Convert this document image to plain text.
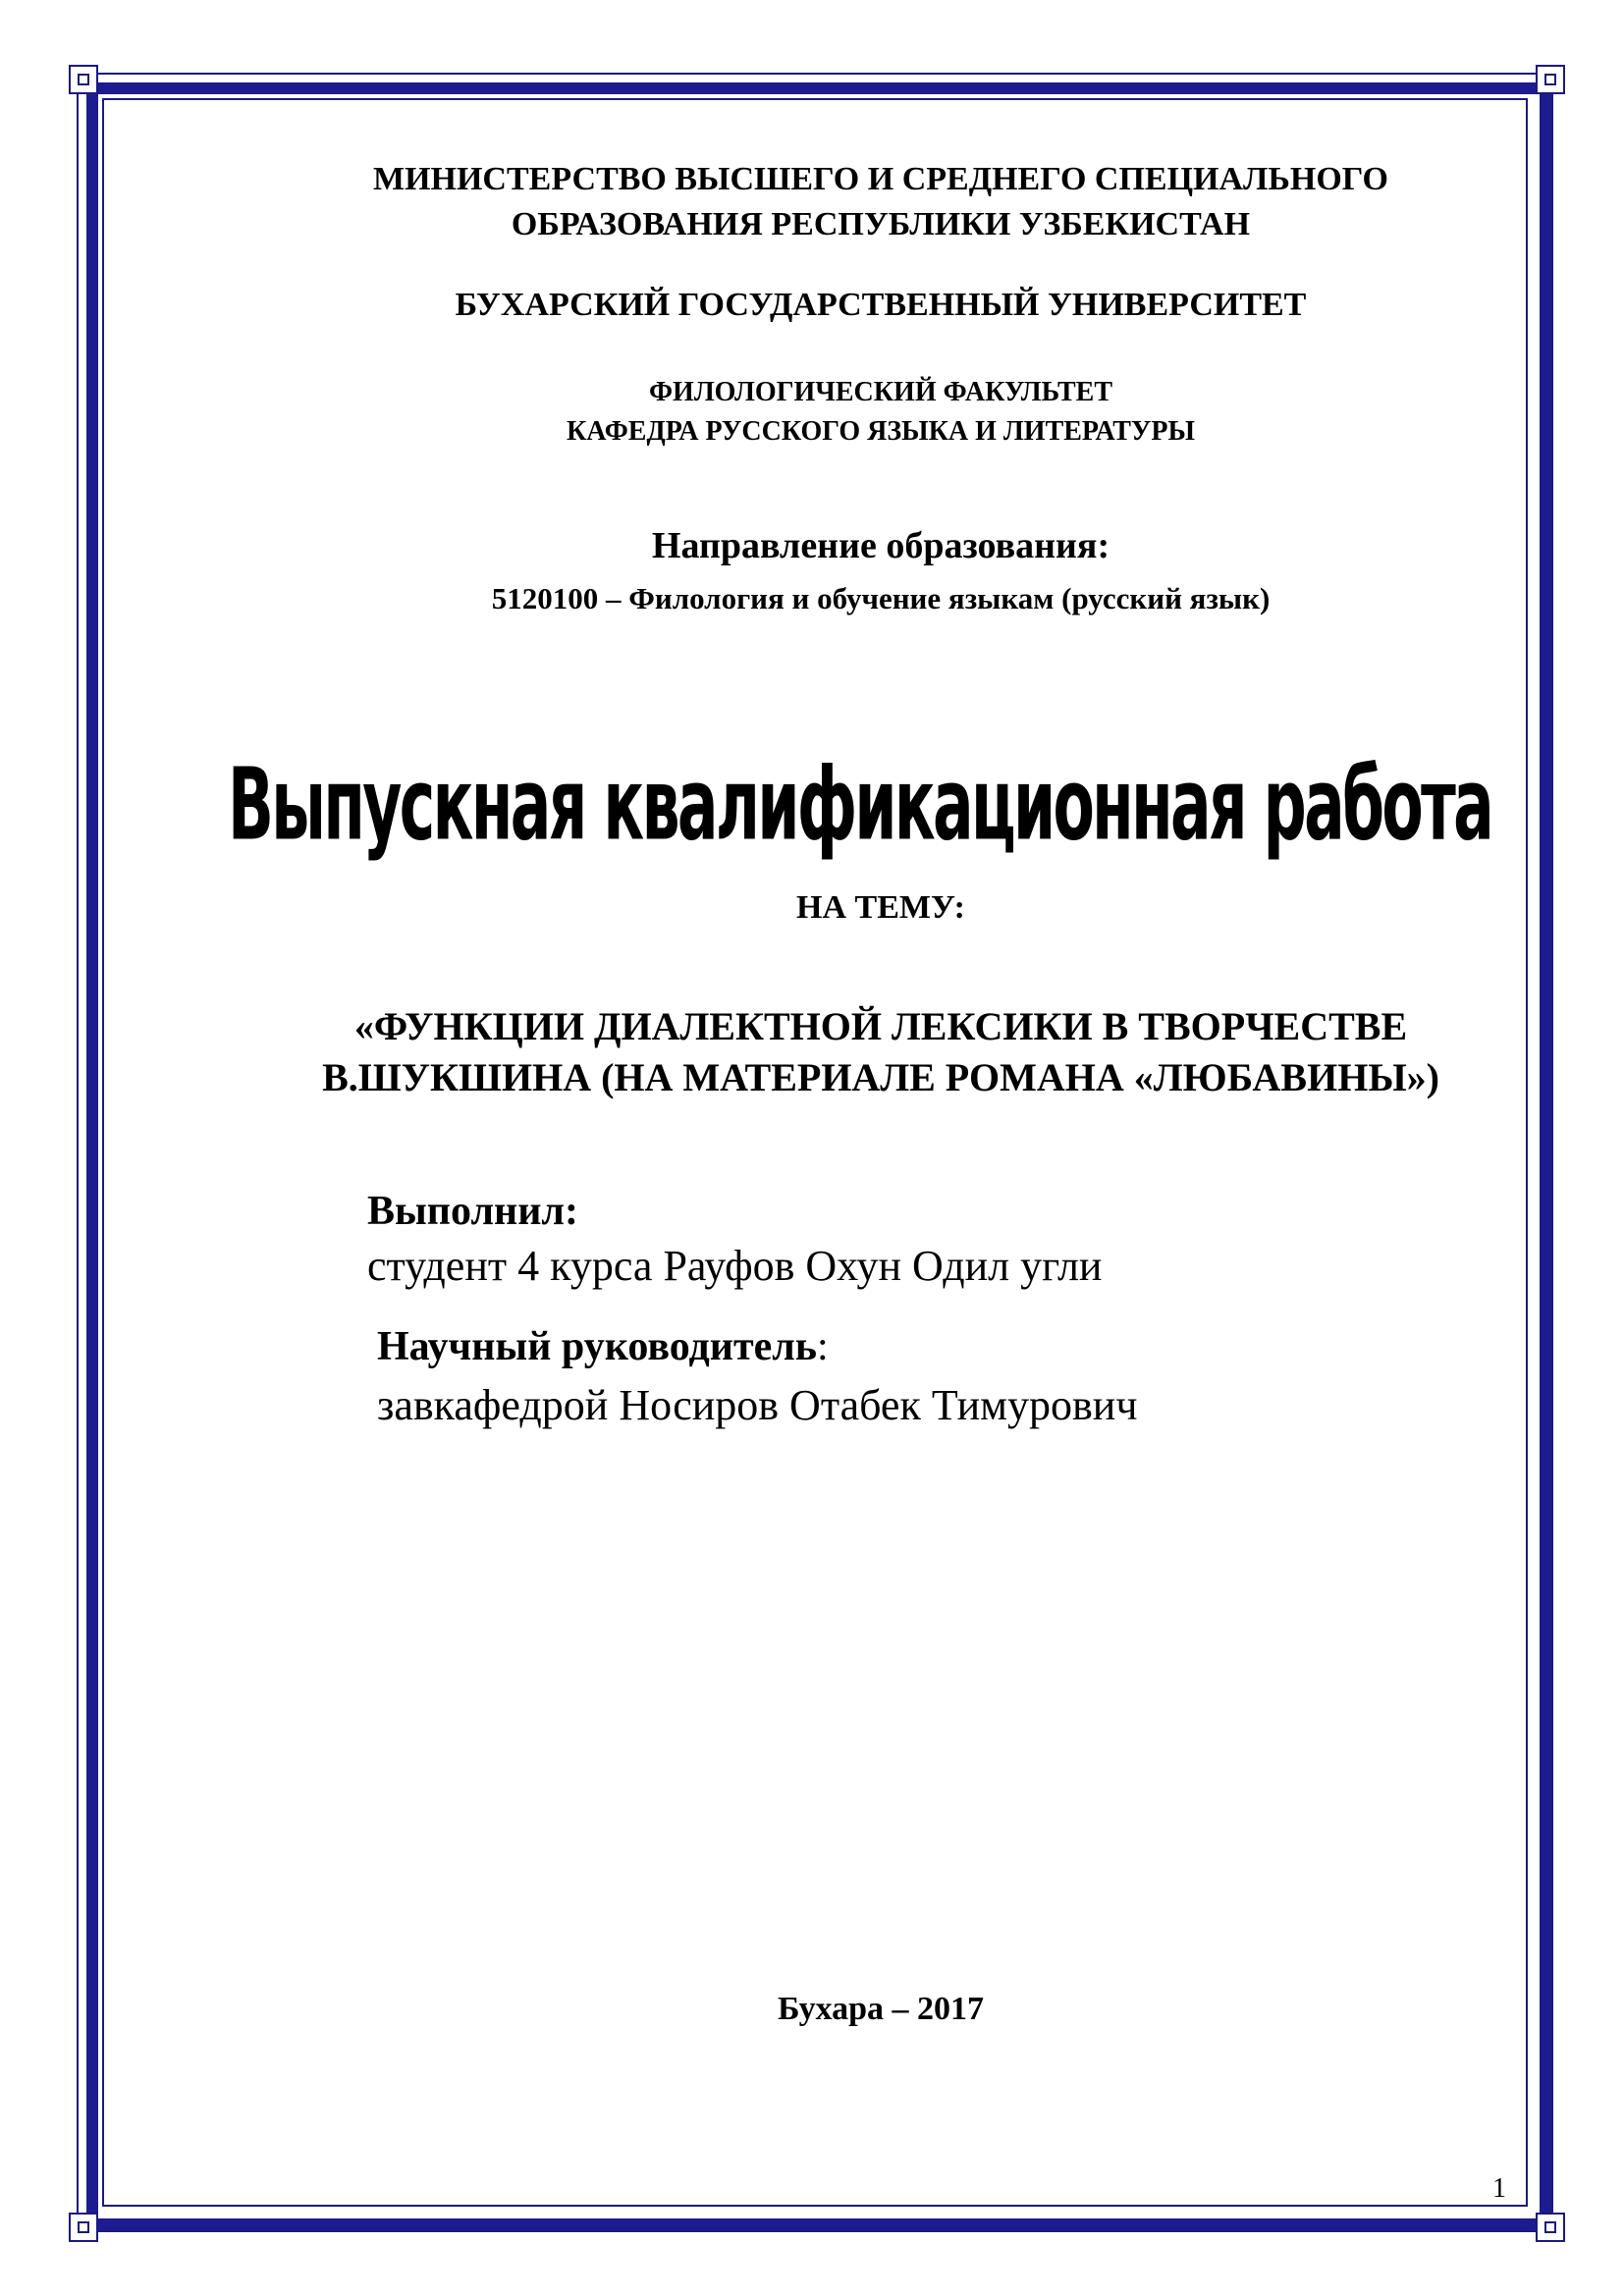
МИНИСТЕРСТВО ВЫСШЕГО И СРЕДНЕГО СПЕЦИАЛЬНОГО
ОБРАЗОВАНИЯ РЕСПУБЛИКИ УЗБЕКИСТАН
БУХАРСКИЙ ГОСУДАРСТВЕННЫЙ УНИВЕРСИТЕТ
ФИЛОЛОГИЧЕСКИЙ ФАКУЛЬТЕТ
КАФЕДРА РУССКОГО ЯЗЫКА И ЛИТЕРАТУРЫ
Направление образования:
5120100 – Филология и обучение языкам (русский язык)
Выпускная квалификационная работа
НА ТЕМУ:
«ФУНКЦИИ ДИАЛЕКТНОЙ ЛЕКСИКИ В ТВОРЧЕСТВЕ
В.ШУКШИНА (НА МАТЕРИАЛЕ РОМАНА «ЛЮБАВИНЫ»)
Выполнил:
студент 4 курса Рауфов Охун Одил угли
Научный руководитель:
завкафедрой Носиров Отабек Тимурович
Бухара – 2017
1
